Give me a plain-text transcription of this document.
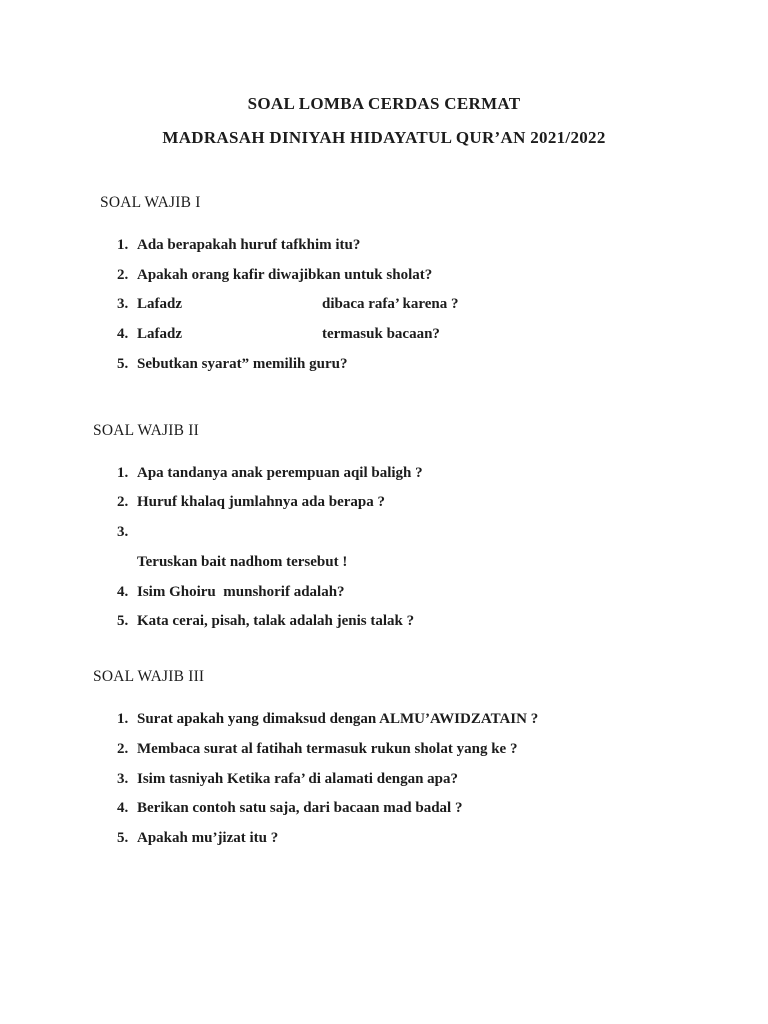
SOAL LOMBA CERDAS CERMAT
MADRASAH DINIYAH HIDAYATUL QUR’AN 2021/2022
SOAL WAJIB I
1. Ada berapakah huruf tafkhim itu?
2. Apakah orang kafir diwajibkan untuk sholat?
3. Lafadz	dibaca rafa’ karena ?
4. Lafadz	termasuk bacaan?
5. Sebutkan syarat” memilih guru?
SOAL WAJIB II
1. Apa tandanya anak perempuan aqil baligh ?
2. Huruf khalaq jumlahnya ada berapa ?
3.
Teruskan bait nadhom tersebut !
4. Isim Ghoiru  munshorif adalah?
5. Kata cerai, pisah, talak adalah jenis talak ?
SOAL WAJIB III
1. Surat apakah yang dimaksud dengan ALMU’AWIDZATAIN ?
2. Membaca surat al fatihah termasuk rukun sholat yang ke ?
3. Isim tasniyah Ketika rafa’ di alamati dengan apa?
4. Berikan contoh satu saja, dari bacaan mad badal ?
5. Apakah mu’jizat itu ?
